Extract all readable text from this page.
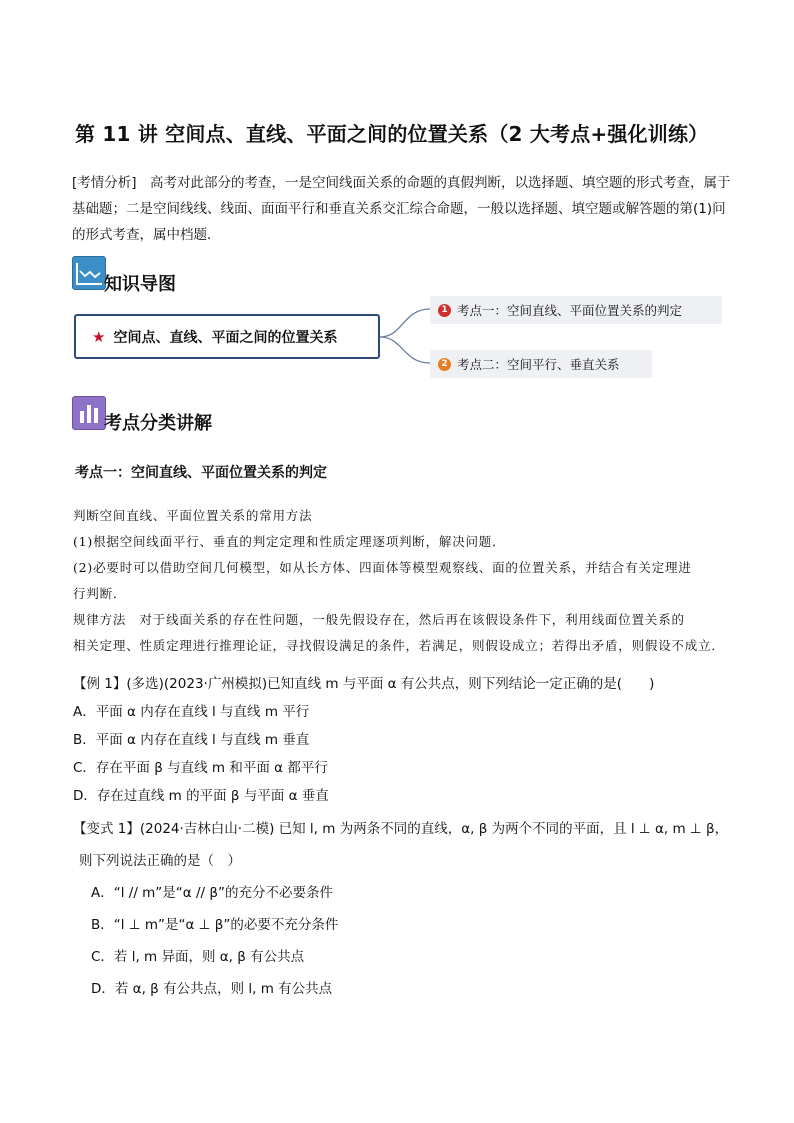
第 11 讲 空间点、直线、平面之间的位置关系（2 大考点+强化训练）
[考情分析]　高考对此部分的考查，一是空间线面关系的命题的真假判断，以选择题、填空题的形式考查，属于基础题；二是空间线线、线面、面面平行和垂直关系交汇综合命题，一般以选择题、填空题或解答题的第(1)问的形式考查，属中档题．
知识导图
★ 空间点、直线、平面之间的位置关系
1 考点一：空间直线、平面位置关系的判定
2 考点二：空间平行、垂直关系
考点分类讲解
考点一：空间直线、平面位置关系的判定
判断空间直线、平面位置关系的常用方法
(1)根据空间线面平行、垂直的判定定理和性质定理逐项判断，解决问题．
(2)必要时可以借助空间几何模型，如从长方体、四面体等模型观察线、面的位置关系，并结合有关定理进
行判断．
规律方法　对于线面关系的存在性问题，一般先假设存在，然后再在该假设条件下，利用线面位置关系的
相关定理、性质定理进行推理论证，寻找假设满足的条件，若满足，则假设成立；若得出矛盾，则假设不成立．
【例 1】(多选)(2023·广州模拟)已知直线 m 与平面 α 有公共点，则下列结论一定正确的是(　　)
A．平面 α 内存在直线 l 与直线 m 平行
B．平面 α 内存在直线 l 与直线 m 垂直
C．存在平面 β 与直线 m 和平面 α 都平行
D．存在过直线 m 的平面 β 与平面 α 垂直
【变式 1】(2024·吉林白山·二模) 已知 l, m 为两条不同的直线，α, β 为两个不同的平面，且 l ⊥ α, m ⊥ β，
则下列说法正确的是（　）
A．“l // m”是“α // β”的充分不必要条件
B．“l ⊥ m”是“α ⊥ β”的必要不充分条件
C．若 l, m 异面，则 α, β 有公共点
D．若 α, β 有公共点，则 l, m 有公共点
